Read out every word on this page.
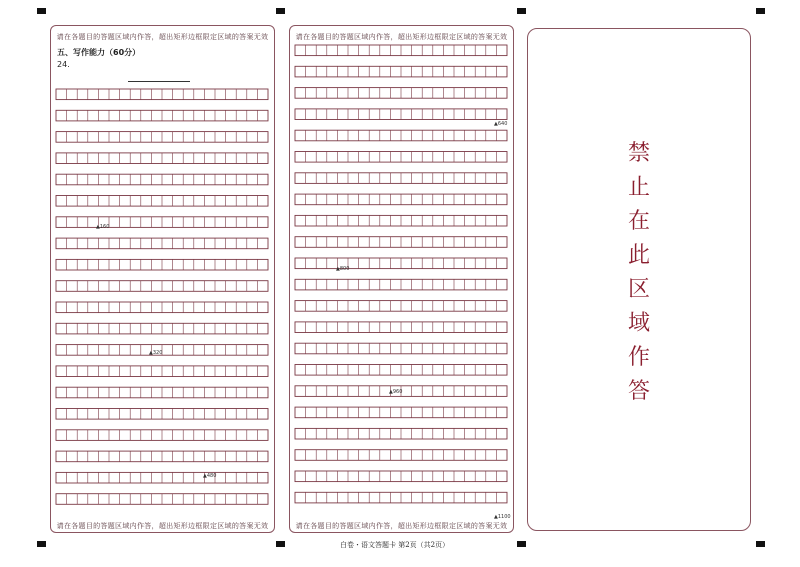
请在各题目的答题区域内作答，超出矩形边框限定区域的答案无效
五、写作能力（60分）
24.
▲160
▲320
▲480
请在各题目的答题区域内作答，超出矩形边框限定区域的答案无效
请在各题目的答题区域内作答，超出矩形边框限定区域的答案无效
▲640
▲800
▲960
▲1100
请在各题目的答题区域内作答，超出矩形边框限定区域的答案无效
禁
止
在
此
区
域
作
答
白卷・语文答题卡 第2页（共2页）
